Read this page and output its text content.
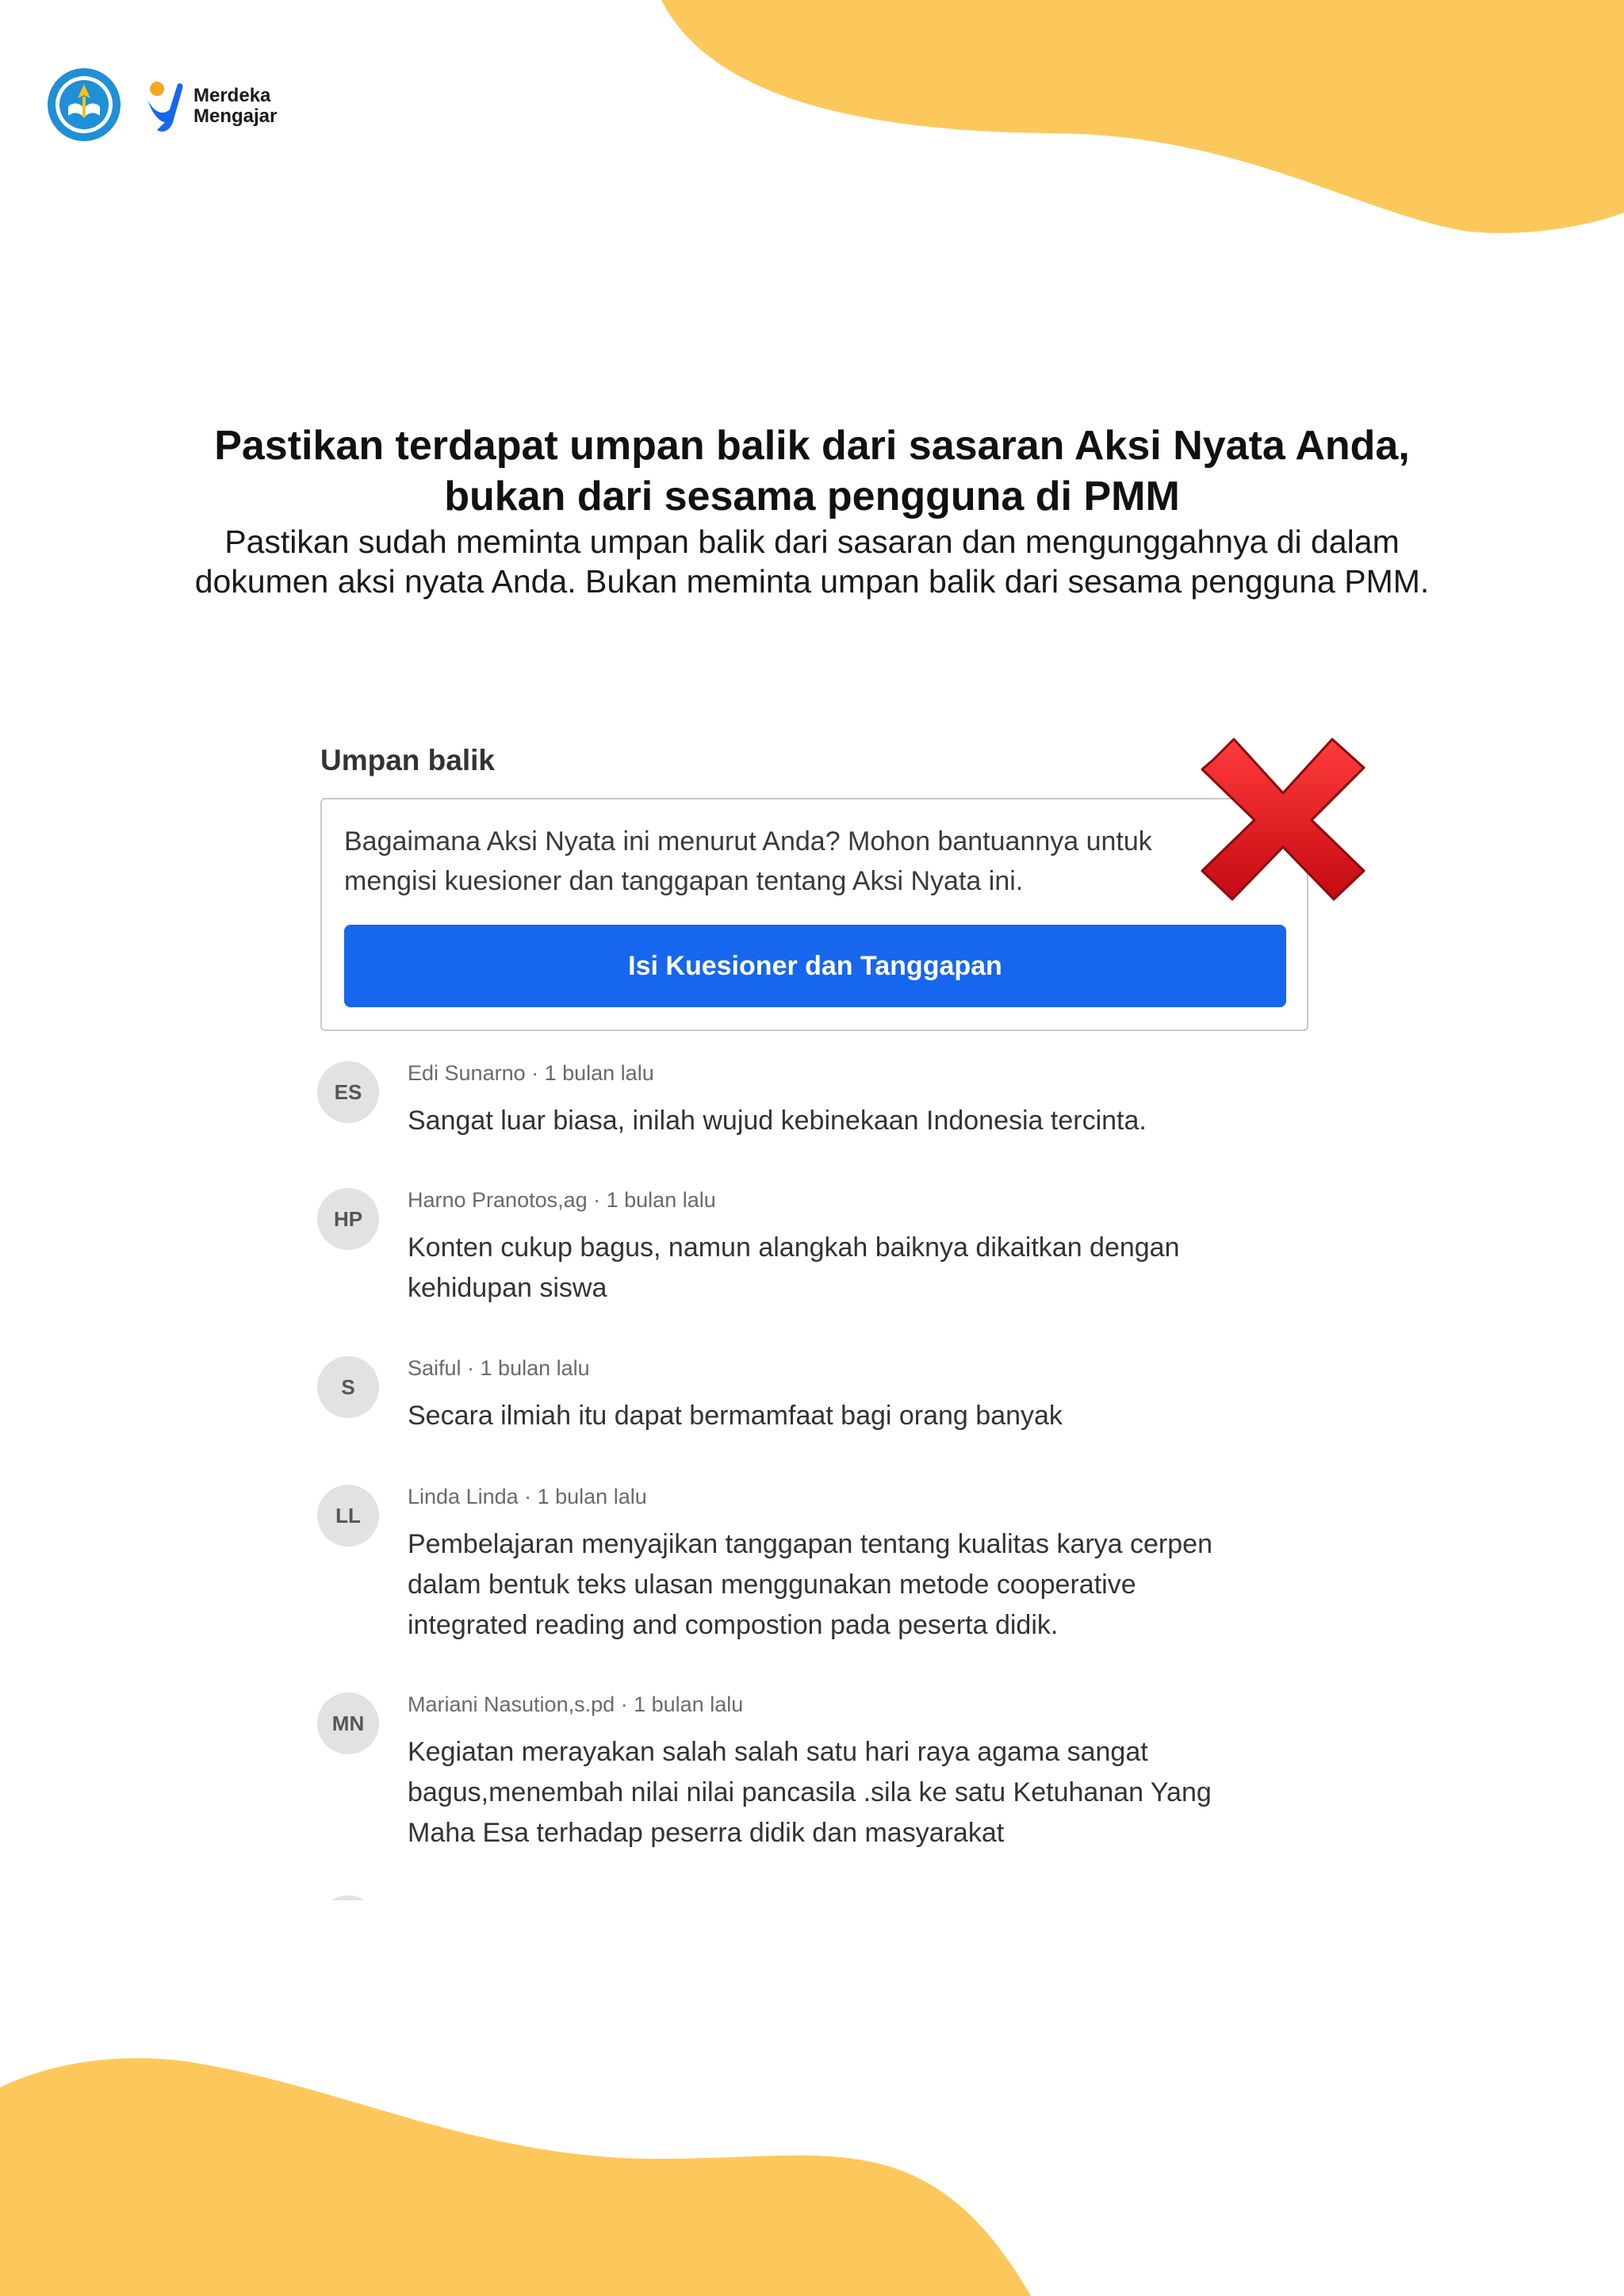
Merdeka
Mengajar
Pastikan terdapat umpan balik dari sasaran Aksi Nyata Anda,
bukan dari sesama pengguna di PMM
Pastikan sudah meminta umpan balik dari sasaran dan mengunggahnya di dalam
dokumen aksi nyata Anda. Bukan meminta umpan balik dari sesama pengguna PMM.
Umpan balik
Bagaimana Aksi Nyata ini menurut Anda? Mohon bantuannya untuk
mengisi kuesioner dan tanggapan tentang Aksi Nyata ini.
Isi Kuesioner dan Tanggapan
ES
Edi Sunarno · 1 bulan lalu
Sangat luar biasa, inilah wujud kebinekaan Indonesia tercinta.
HP
Harno Pranotos,ag · 1 bulan lalu
Konten cukup bagus, namun alangkah baiknya dikaitkan dengan
kehidupan siswa
S
Saiful · 1 bulan lalu
Secara ilmiah itu dapat bermamfaat bagi orang banyak
LL
Linda Linda · 1 bulan lalu
Pembelajaran menyajikan tanggapan tentang kualitas karya cerpen
dalam bentuk teks ulasan menggunakan metode cooperative
integrated reading and compostion pada peserta didik.
MN
Mariani Nasution,s.pd · 1 bulan lalu
Kegiatan merayakan salah salah satu hari raya agama sangat
bagus,menembah nilai nilai pancasila .sila ke satu Ketuhanan Yang
Maha Esa terhadap peserra didik dan masyarakat
